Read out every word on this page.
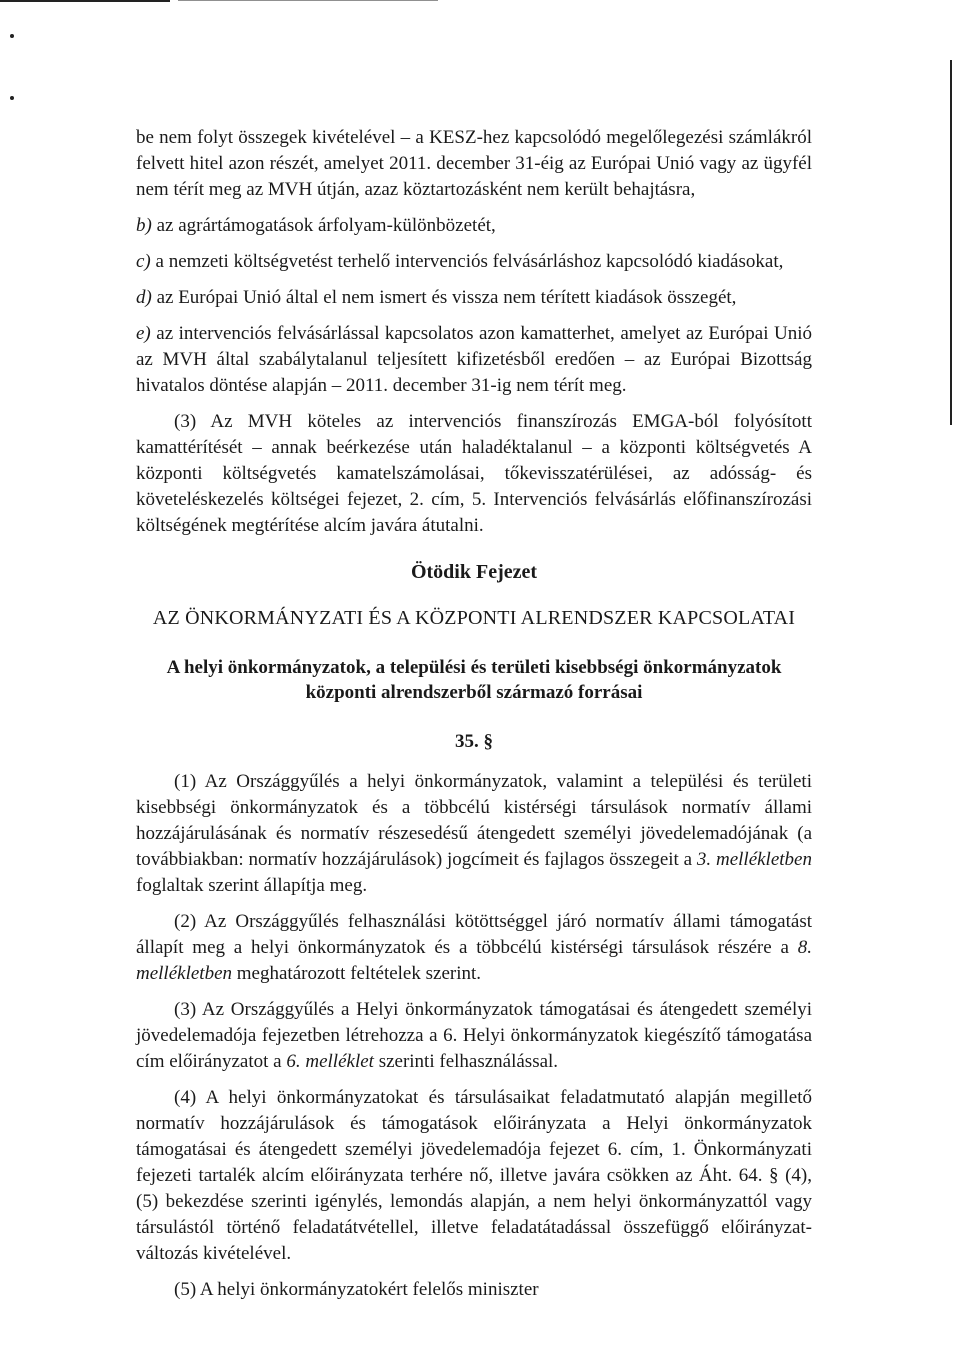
be nem folyt összegek kivételével – a KESZ-hez kapcsolódó megelőlegezési számlákról felvett hitel azon részét, amelyet 2011. december 31-éig az Európai Unió vagy az ügyfél nem térít meg az MVH útján, azaz köztartozásként nem került behajtásra,

b) az agrártámogatások árfolyam-különbözetét,

c) a nemzeti költségvetést terhelő intervenciós felvásárláshoz kapcsolódó kiadásokat,

d) az Európai Unió által el nem ismert és vissza nem térített kiadások összegét,

e) az intervenciós felvásárlással kapcsolatos azon kamatterhet, amelyet az Európai Unió az MVH által szabálytalanul teljesített kifizetésből eredően – az Európai Bizottság hivatalos döntése alapján – 2011. december 31-ig nem térít meg.

(3) Az MVH köteles az intervenciós finanszírozás EMGA-ból folyósított kamattérítését – annak beérkezése után haladéktalanul – a központi költségvetés A központi költségvetés kamatelszámolásai, tőkevisszatérülései, az adósság- és követeléskezelés költségei fejezet, 2. cím, 5. Intervenciós felvásárlás előfinanszírozási költségének megtérítése alcím javára átutalni.

Ötödik Fejezet

AZ ÖNKORMÁNYZATI ÉS A KÖZPONTI ALRENDSZER KAPCSOLATAI

A helyi önkormányzatok, a települési és területi kisebbségi önkormányzatok
központi alrendszerből származó forrásai

35. §

(1) Az Országgyűlés a helyi önkormányzatok, valamint a települési és területi kisebbségi önkormányzatok és a többcélú kistérségi társulások normatív állami hozzájárulásának és normatív részesedésű átengedett személyi jövedelemadójának (a továbbiakban: normatív hozzájárulások) jogcímeit és fajlagos összegeit a 3. mellékletben foglaltak szerint állapítja meg.

(2) Az Országgyűlés felhasználási kötöttséggel járó normatív állami támogatást állapít meg a helyi önkormányzatok és a többcélú kistérségi társulások részére a 8. mellékletben meghatározott feltételek szerint.

(3) Az Országgyűlés a Helyi önkormányzatok támogatásai és átengedett személyi jövedelemadója fejezetben létrehozza a 6. Helyi önkormányzatok kiegészítő támogatása cím előirányzatot a 6. melléklet szerinti felhasználással.

(4) A helyi önkormányzatokat és társulásaikat feladatmutató alapján megillető normatív hozzájárulások és támogatások előirányzata a Helyi önkormányzatok támogatásai és átengedett személyi jövedelemadója fejezet 6. cím, 1. Önkormányzati fejezeti tartalék alcím előirányzata terhére nő, illetve javára csökken az Áht. 64. § (4), (5) bekezdése szerinti igénylés, lemondás alapján, a nem helyi önkormányzattól vagy társulástól történő feladatátvétellel, illetve feladatátadással összefüggő előirányzat-változás kivételével.

(5) A helyi önkormányzatokért felelős miniszter
